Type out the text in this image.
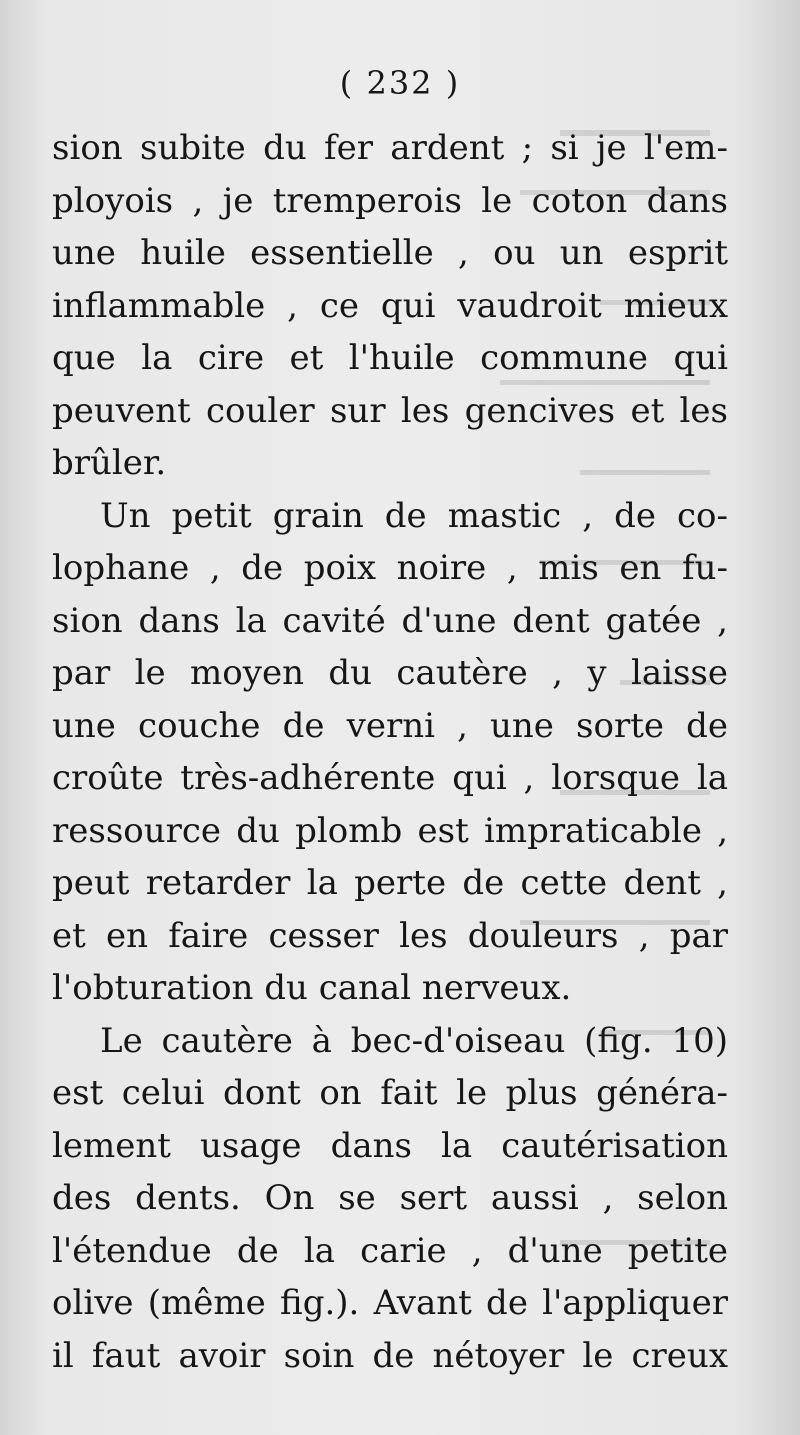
( 232 )
sion subite du fer ardent ; si je l'em-
ployois , je tremperois le coton dans
une huile essentielle , ou un esprit
inflammable , ce qui vaudroit mieux
que la cire et l'huile commune qui
peuvent couler sur les gencives et les
brûler.
Un petit grain de mastic , de co-
lophane , de poix noire , mis en fu-
sion dans la cavité d'une dent gatée ,
par le moyen du cautère , y laisse
une couche de verni , une sorte de
croûte très-adhérente qui , lorsque la
ressource du plomb est impraticable ,
peut retarder la perte de cette dent ,
et en faire cesser les douleurs , par
l'obturation du canal nerveux.
Le cautère à bec-d'oiseau (fig. 10)
est celui dont on fait le plus généra-
lement usage dans la cautérisation
des dents. On se sert aussi , selon
l'étendue de la carie , d'une petite
olive (même fig.). Avant de l'appliquer
il faut avoir soin de nétoyer le creux
